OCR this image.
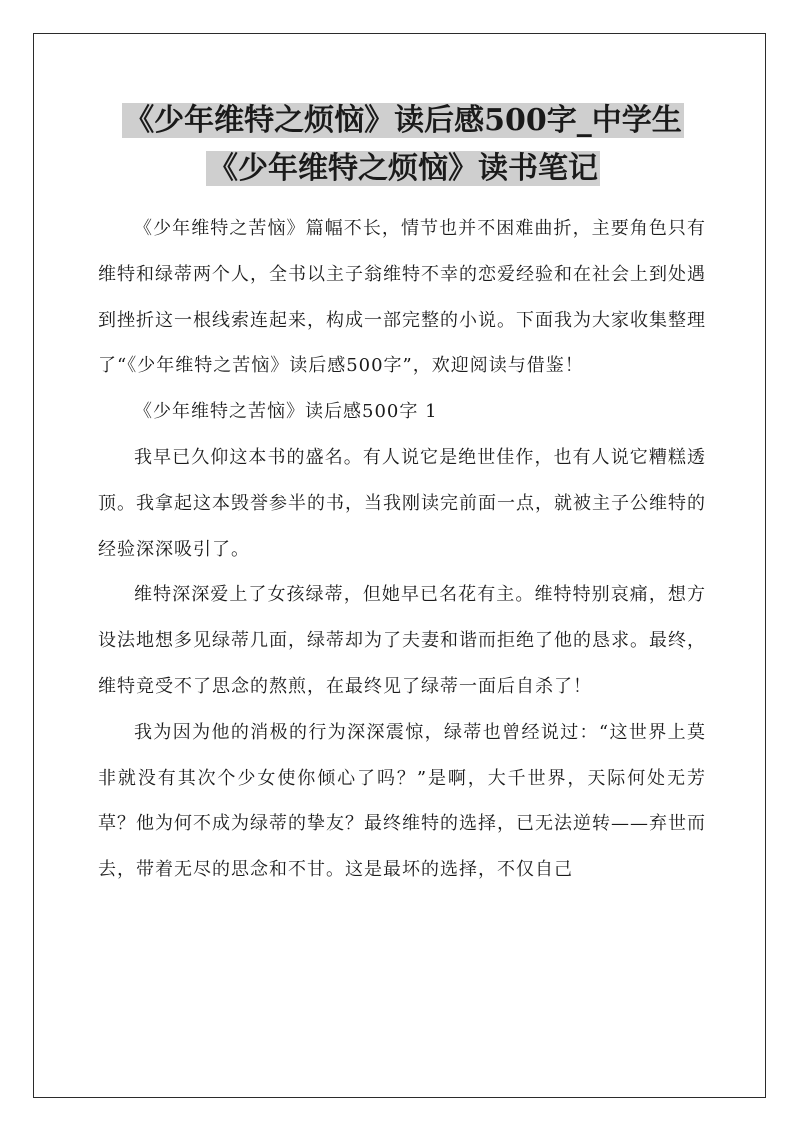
《少年维特之烦恼》读后感500字_中学生《少年维特之烦恼》读书笔记

《少年维特之苦恼》篇幅不长，情节也并不困难曲折，主要角色只有维特和绿蒂两个人，全书以主子翁维特不幸的恋爱经验和在社会上到处遇到挫折这一根线索连起来，构成一部完整的小说。下面我为大家收集整理了“《少年维特之苦恼》读后感500字”，欢迎阅读与借鉴！

《少年维特之苦恼》读后感500字 1

我早已久仰这本书的盛名。有人说它是绝世佳作，也有人说它糟糕透顶。我拿起这本毁誉参半的书，当我刚读完前面一点，就被主子公维特的经验深深吸引了。

维特深深爱上了女孩绿蒂，但她早已名花有主。维特特别哀痛，想方设法地想多见绿蒂几面，绿蒂却为了夫妻和谐而拒绝了他的恳求。最终，维特竟受不了思念的熬煎，在最终见了绿蒂一面后自杀了！

我为因为他的消极的行为深深震惊，绿蒂也曾经说过：“这世界上莫非就没有其次个少女使你倾心了吗？”是啊，大千世界，天际何处无芳草？他为何不成为绿蒂的挚友？最终维特的选择，已无法逆转——弃世而去，带着无尽的思念和不甘。这是最坏的选择，不仅自己
